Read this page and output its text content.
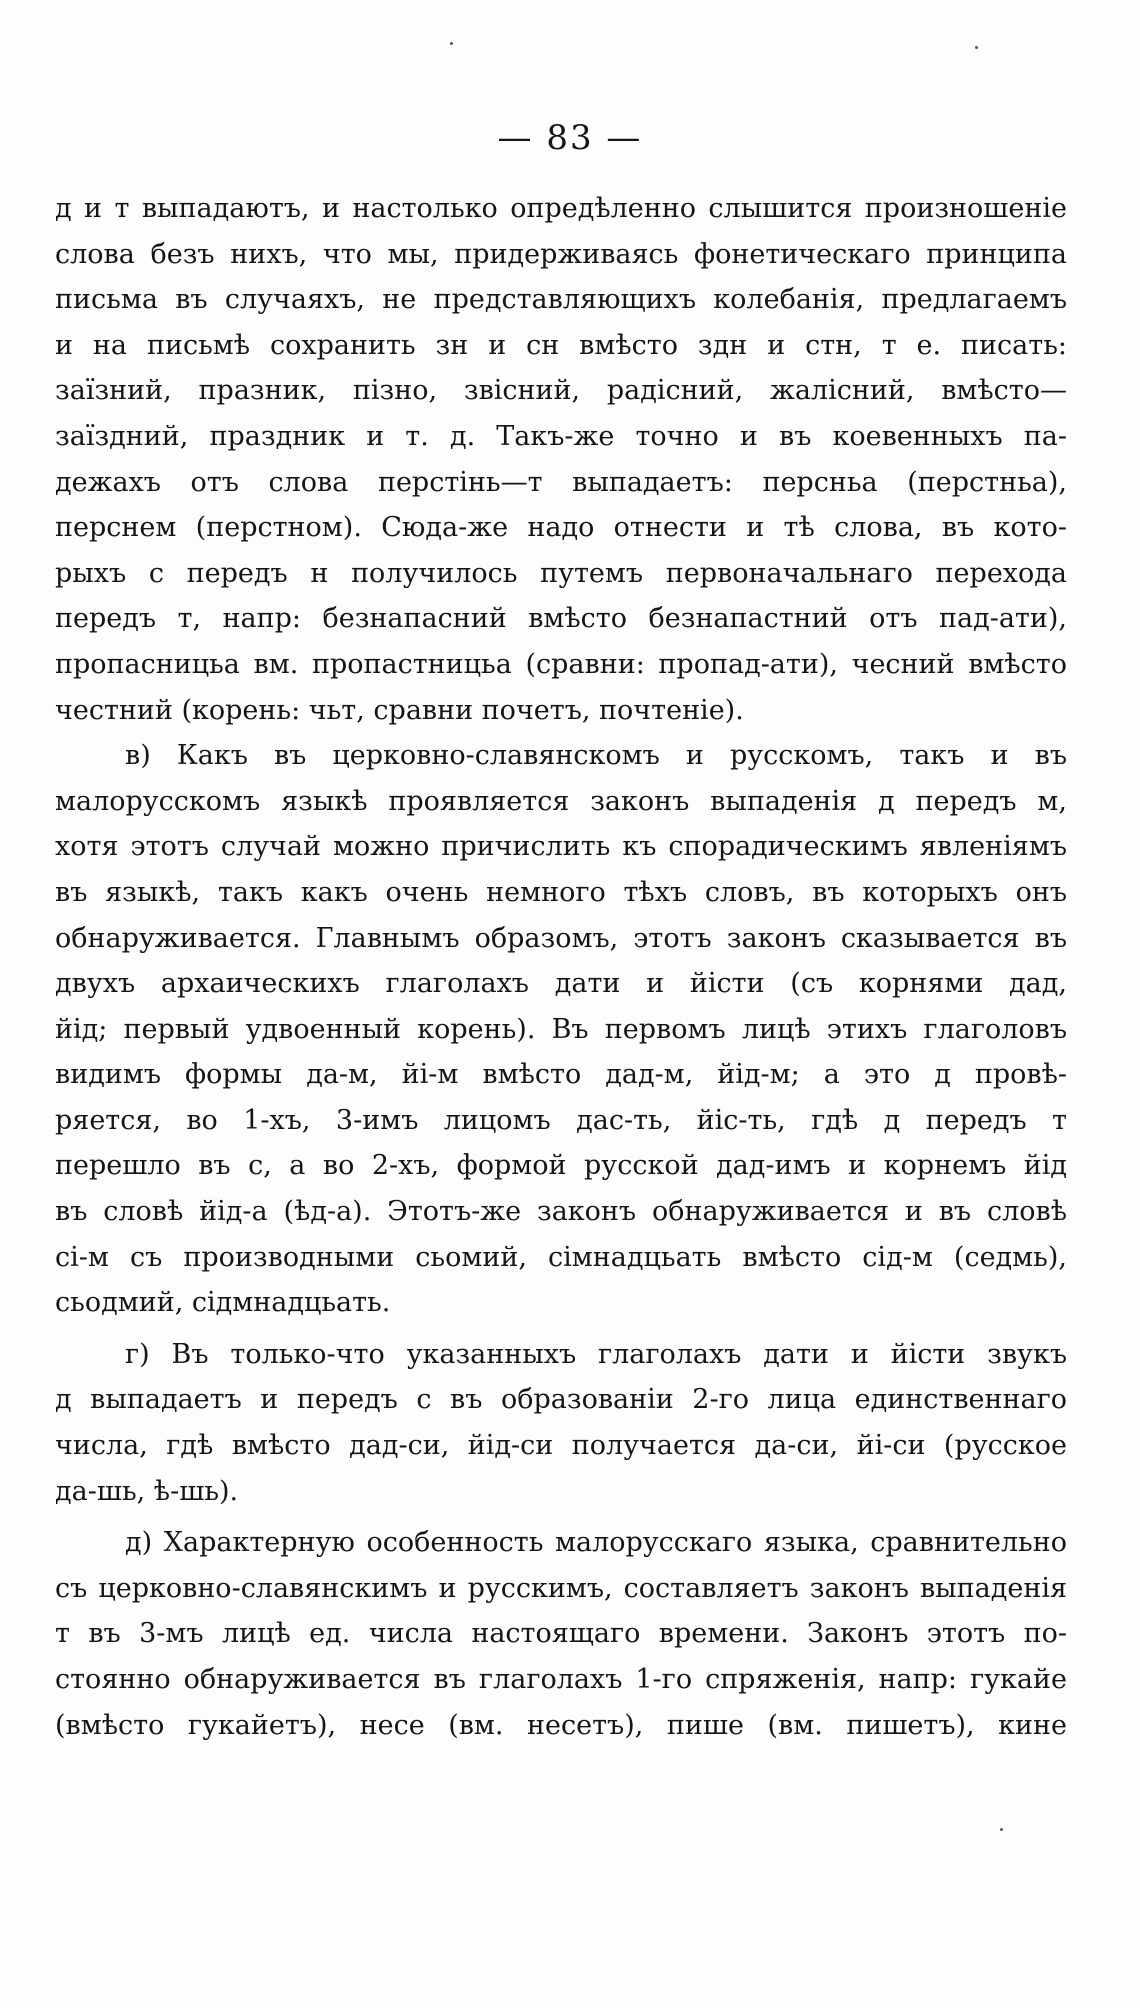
— 83 —

д и т выпадаютъ, и настолько опредѣленно слышится произношеніе

слова безъ нихъ, что мы, придерживаясь фонетическаго принципа

письма въ случаяхъ, не представляющихъ колебанія, предлагаемъ

и на письмѣ сохранить зн и сн вмѣсто здн и стн, т е. писать:

заїзний, празник, пізно, звісний, радісний, жалісний, вмѣсто—

заїздний, праздник и т. д. Такъ-же точно и въ коевенныхъ па-

дежахъ отъ слова перстінь—т выпадаетъ: персньа (перстньа),

перснем (перстном). Сюда-же надо отнести и тѣ слова, въ кото-

рыхъ с передъ н получилось путемъ первоначальнаго перехода

передъ т, напр: безнапасний вмѣсто безнапастний отъ пад-ати),

пропасницьа вм. пропастницьа (сравни: пропад-ати), чесний вмѣсто

честний (корень: чьт, сравни почетъ, почтеніе).

в) Какъ въ церковно-славянскомъ и русскомъ, такъ и въ

малорусскомъ языкѣ проявляется законъ выпаденія д передъ м,

хотя этотъ случай можно причислить къ спорадическимъ явленіямъ

въ языкѣ, такъ какъ очень немного тѣхъ словъ, въ которыхъ онъ

обнаруживается. Главнымъ образомъ, этотъ законъ сказывается въ

двухъ архаическихъ глаголахъ дати и йісти (съ корнями дад,

йід; первый удвоенный корень). Въ первомъ лицѣ этихъ глаголовъ

видимъ формы да-м, йі-м вмѣсто дад-м, йід-м; а это д провѣ-

ряется, во 1-хъ, 3-имъ лицомъ дас-ть, йіс-ть, гдѣ д передъ т

перешло въ с, а во 2-хъ, формой русской дад-имъ и корнемъ йід

въ словѣ йід-а (ѣд-а). Этотъ-же законъ обнаруживается и въ словѣ

сі-м съ производными сьомий, сімнадцьать вмѣсто сід-м (седмь),

сьодмий, сідмнадцьать.

г) Въ только-что указанныхъ глаголахъ дати и йісти звукъ

д выпадаетъ и передъ с въ образованіи 2-го лица единственнаго

числа, гдѣ вмѣсто дад-си, йід-си получается да-си, йі-си (русское

да-шь, ѣ-шь).

д) Характерную особенность малорусскаго языка, сравнительно

съ церковно-славянскимъ и русскимъ, составляетъ законъ выпаденія

т въ 3-мъ лицѣ ед. числа настоящаго времени. Законъ этотъ по-

стоянно обнаруживается въ глаголахъ 1-го спряженія, напр: гукайе

(вмѣсто гукайетъ), несе (вм. несетъ), пише (вм. пишетъ), кине
